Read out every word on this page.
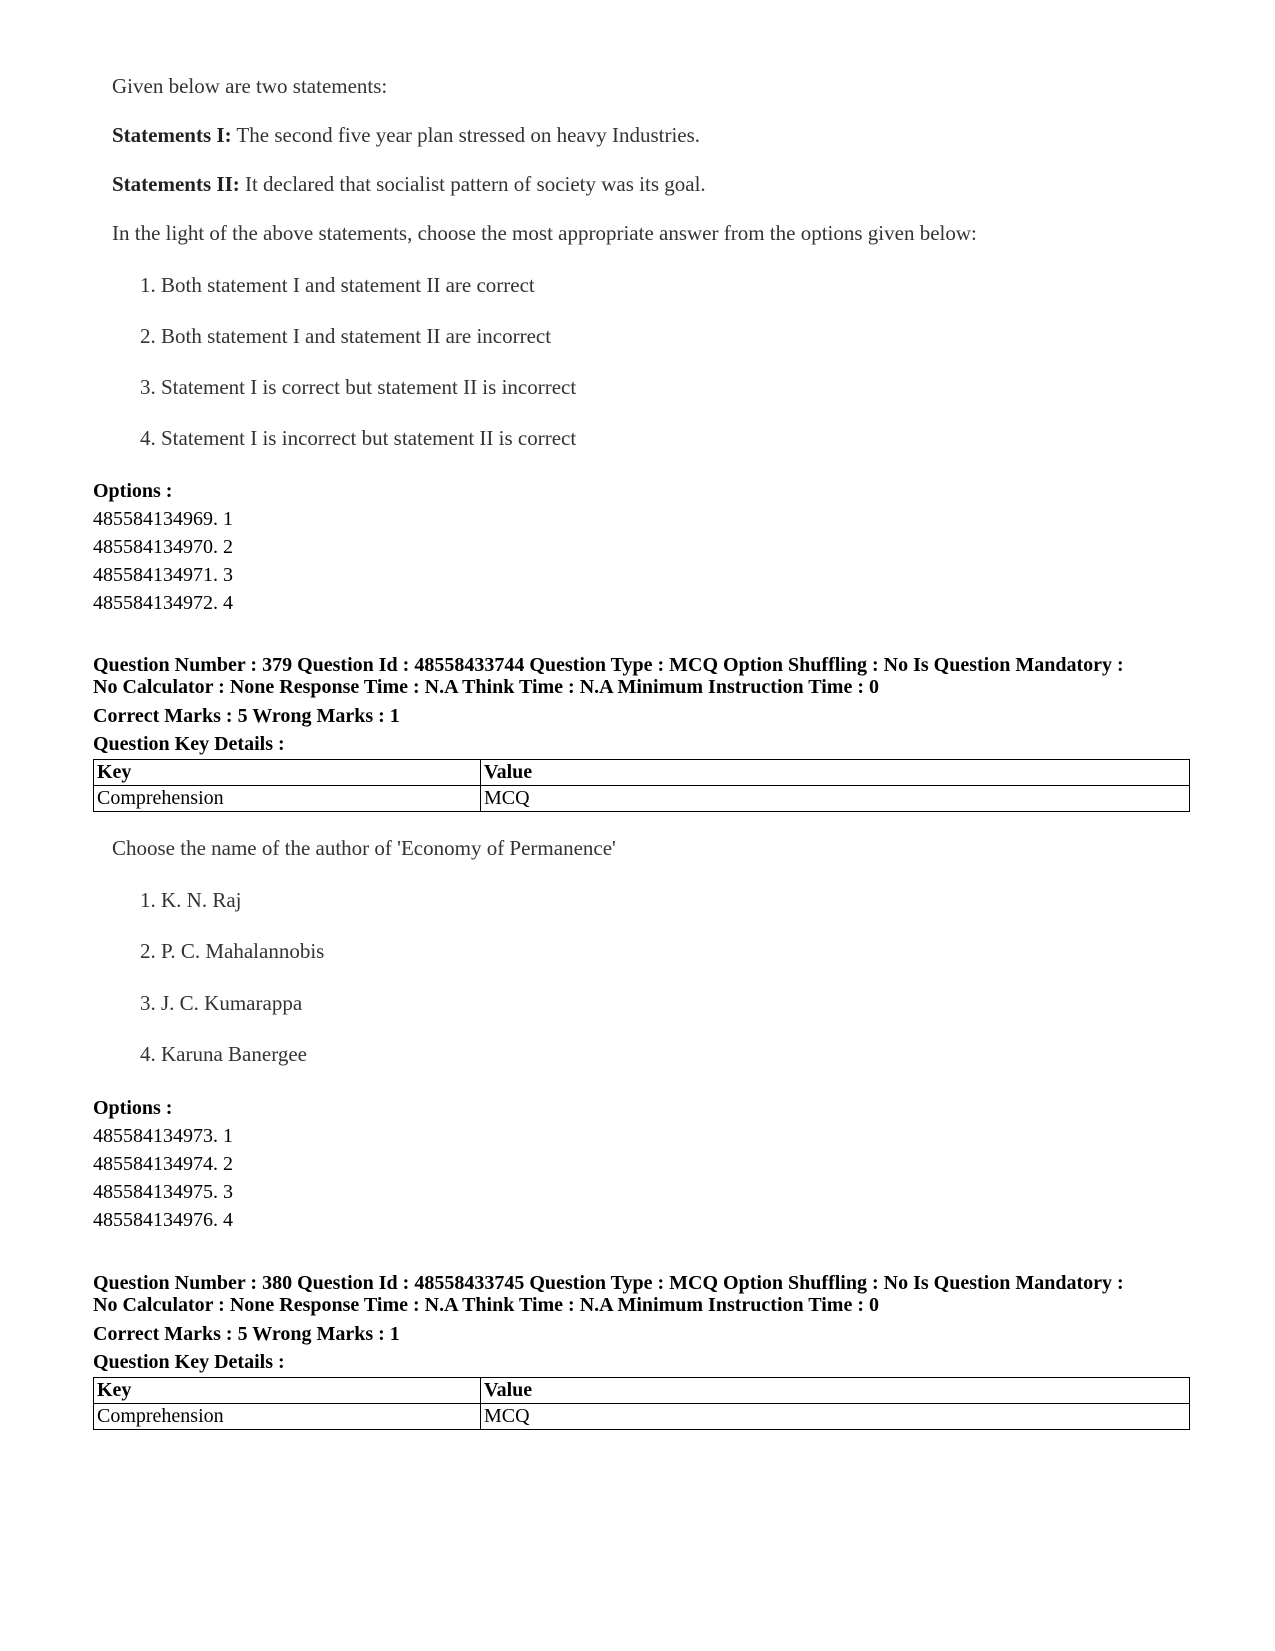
Given below are two statements:
Statements I: The second five year plan stressed on heavy Industries.
Statements II: It declared that socialist pattern of society was its goal.
In the light of the above statements, choose the most appropriate answer from the options given below:
1. Both statement I and statement II are correct
2. Both statement I and statement II are incorrect
3. Statement I is correct but statement II is incorrect
4. Statement I is incorrect but statement II is correct
Options :
485584134969. 1
485584134970. 2
485584134971. 3
485584134972. 4
Question Number : 379 Question Id : 48558433744 Question Type : MCQ Option Shuffling : No Is Question Mandatory :
No Calculator : None Response Time : N.A Think Time : N.A Minimum Instruction Time : 0
Correct Marks : 5 Wrong Marks : 1
Question Key Details :
Key	Value
Comprehension	MCQ
Choose the name of the author of 'Economy of Permanence'
1. K. N. Raj
2. P. C. Mahalannobis
3. J. C. Kumarappa
4. Karuna Banergee
Options :
485584134973. 1
485584134974. 2
485584134975. 3
485584134976. 4
Question Number : 380 Question Id : 48558433745 Question Type : MCQ Option Shuffling : No Is Question Mandatory :
No Calculator : None Response Time : N.A Think Time : N.A Minimum Instruction Time : 0
Correct Marks : 5 Wrong Marks : 1
Question Key Details :
Key	Value
Comprehension	MCQ
